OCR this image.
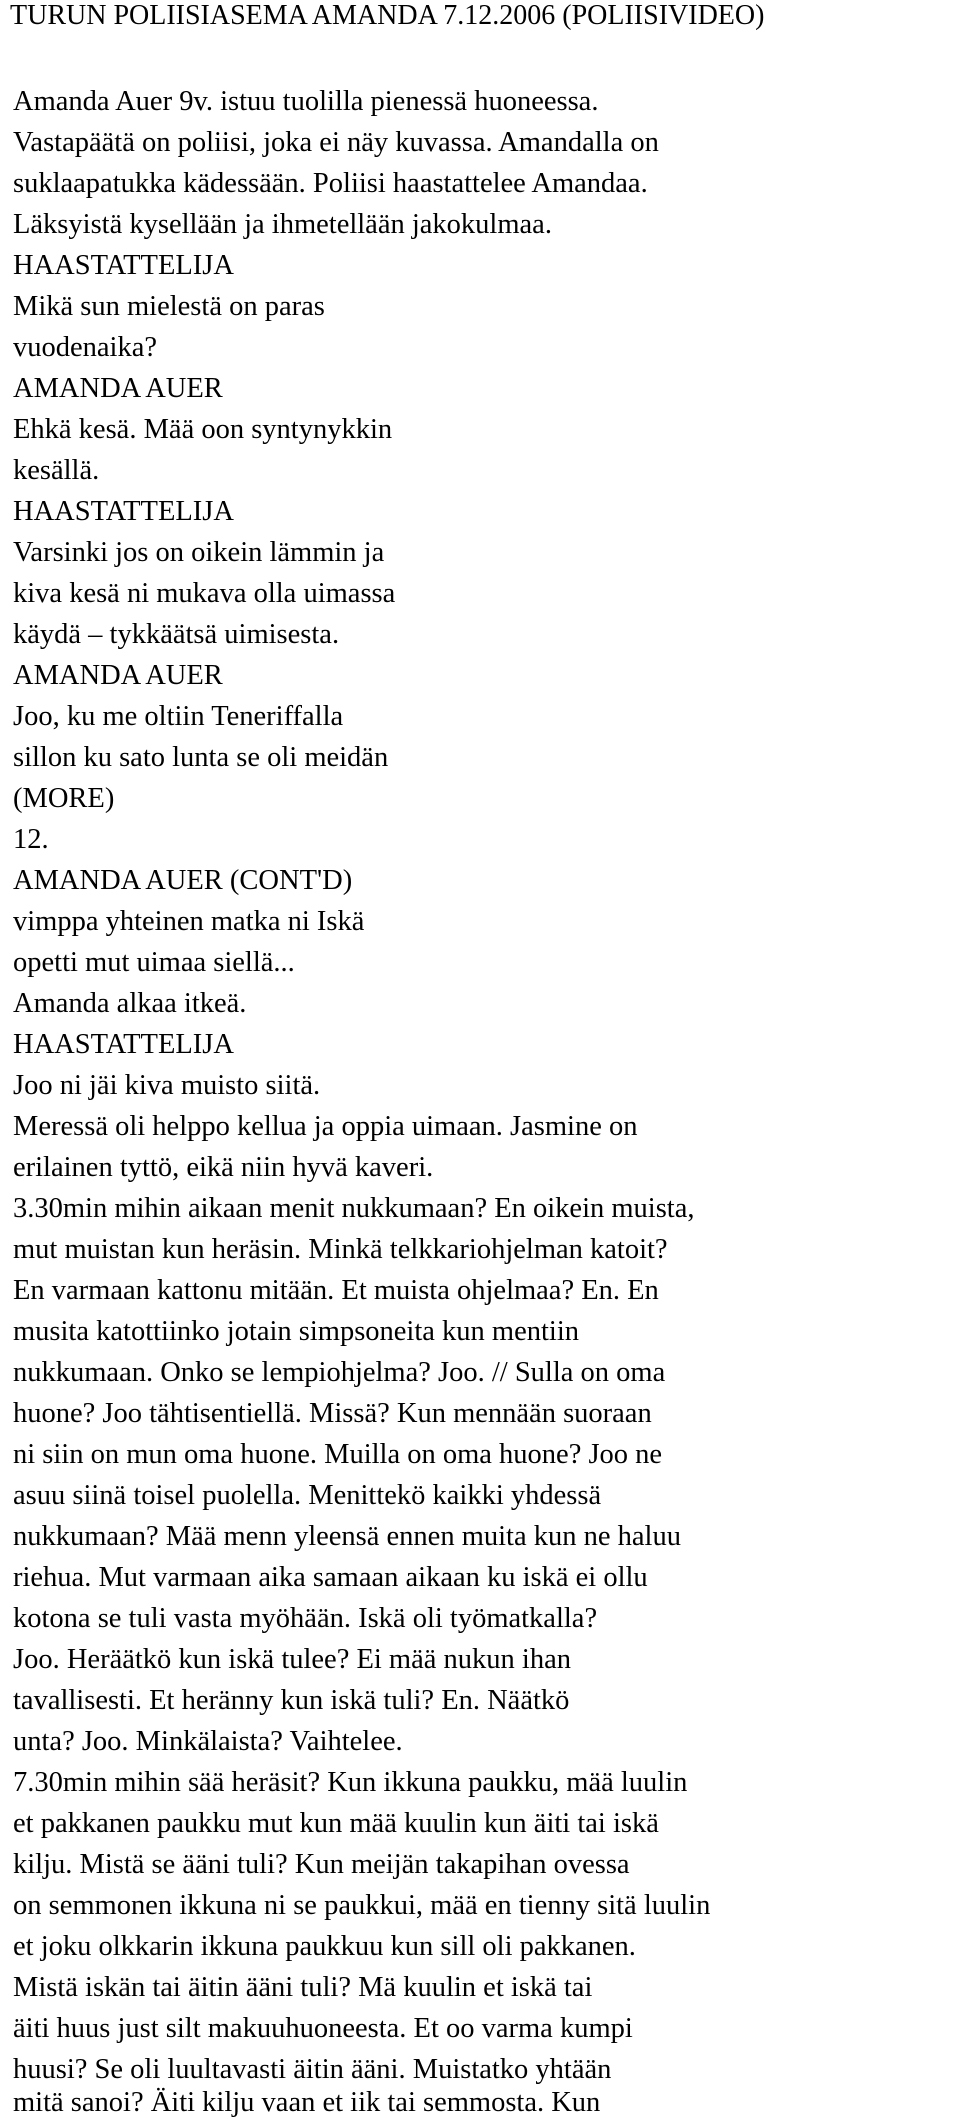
TURUN POLIISIASEMA AMANDA 7.12.2006 (POLIISIVIDEO)
Amanda Auer 9v. istuu tuolilla pienessä huoneessa.
Vastapäätä on poliisi, joka ei näy kuvassa. Amandalla on
suklaapatukka kädessään. Poliisi haastattelee Amandaa.
Läksyistä kysellään ja ihmetellään jakokulmaa.
HAASTATTELIJA
Mikä sun mielestä on paras
vuodenaika?
AMANDA AUER
Ehkä kesä. Mää oon syntynykkin
kesällä.
HAASTATTELIJA
Varsinki jos on oikein lämmin ja
kiva kesä ni mukava olla uimassa
käydä – tykkäätsä uimisesta.
AMANDA AUER
Joo, ku me oltiin Teneriffalla
sillon ku sato lunta se oli meidän
(MORE)
12.
AMANDA AUER (CONT'D)
vimppa yhteinen matka ni Iskä
opetti mut uimaa siellä...
Amanda alkaa itkeä.
HAASTATTELIJA
Joo ni jäi kiva muisto siitä.
Meressä oli helppo kellua ja oppia uimaan. Jasmine on
erilainen tyttö, eikä niin hyvä kaveri.
3.30min mihin aikaan menit nukkumaan? En oikein muista,
mut muistan kun heräsin. Minkä telkkariohjelman katoit?
En varmaan kattonu mitään. Et muista ohjelmaa? En. En
musita katottiinko jotain simpsoneita kun mentiin
nukkumaan. Onko se lempiohjelma? Joo. // Sulla on oma
huone? Joo tähtisentiellä. Missä? Kun mennään suoraan
ni siin on mun oma huone. Muilla on oma huone? Joo ne
asuu siinä toisel puolella. Menittekö kaikki yhdessä
nukkumaan? Mää menn yleensä ennen muita kun ne haluu
riehua. Mut varmaan aika samaan aikaan ku iskä ei ollu
kotona se tuli vasta myöhään. Iskä oli työmatkalla?
Joo. Heräätkö kun iskä tulee? Ei mää nukun ihan
tavallisesti. Et heränny kun iskä tuli? En. Näätkö
unta? Joo. Minkälaista? Vaihtelee.
7.30min mihin sää heräsit? Kun ikkuna paukku, mää luulin
et pakkanen paukku mut kun mää kuulin kun äiti tai iskä
kilju. Mistä se ääni tuli? Kun meijän takapihan ovessa
on semmonen ikkuna ni se paukkui, mää en tienny sitä luulin
et joku olkkarin ikkuna paukkuu kun sill oli pakkanen.
Mistä iskän tai äitin ääni tuli? Mä kuulin et iskä tai
äiti huus just silt makuuhuoneesta. Et oo varma kumpi
huusi? Se oli luultavasti äitin ääni. Muistatko yhtään
mitä sanoi? Äiti kilju vaan et iik tai semmosta. Kun
